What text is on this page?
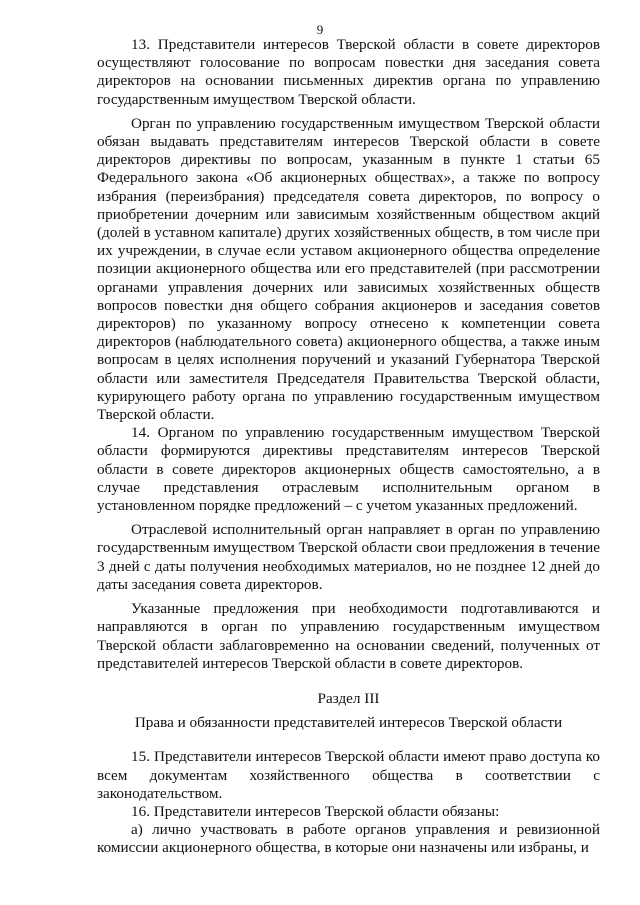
9

13. Представители интересов Тверской области в совете директоров осуществляют голосование по вопросам повестки дня заседания совета директоров на основании письменных директив органа по управлению государственным имуществом Тверской области.

Орган по управлению государственным имуществом Тверской области обязан выдавать представителям интересов Тверской области в совете директоров директивы по вопросам, указанным в пункте 1 статьи 65 Федерального закона «Об акционерных обществах», а также по вопросу избрания (переизбрания) председателя совета директоров, по вопросу о приобретении дочерним или зависимым хозяйственным обществом акций (долей в уставном капитале) других хозяйственных обществ, в том числе при их учреждении, в случае если уставом акционерного общества определение позиции акционерного общества или его представителей (при рассмотрении органами управления дочерних или зависимых хозяйственных обществ вопросов повестки дня общего собрания акционеров и заседания советов директоров) по указанному вопросу отнесено к компетенции совета директоров (наблюдательного совета) акционерного общества, а также иным вопросам в целях исполнения поручений и указаний Губернатора Тверской области или заместителя Председателя Правительства Тверской области, курирующего работу органа по управлению государственным имуществом Тверской области.

14. Органом по управлению государственным имуществом Тверской области формируются директивы представителям интересов Тверской области в совете директоров акционерных обществ самостоятельно, а в случае представления отраслевым исполнительным органом в установленном порядке предложений – с учетом указанных предложений.

Отраслевой исполнительный орган направляет в орган по управлению государственным имуществом Тверской области свои предложения в течение 3 дней с даты получения необходимых материалов, но не позднее 12 дней до даты заседания совета директоров.

Указанные предложения при необходимости подготавливаются и направляются в орган по управлению государственным имуществом Тверской области заблаговременно на основании сведений, полученных от представителей интересов Тверской области в совете директоров.

Раздел III

Права и обязанности представителей интересов Тверской области

15. Представители интересов Тверской области имеют право доступа ко всем документам хозяйственного общества в соответствии с законодательством.

16. Представители интересов Тверской области обязаны:

а) лично участвовать в работе органов управления и ревизионной комиссии акционерного общества, в которые они назначены или избраны, и
